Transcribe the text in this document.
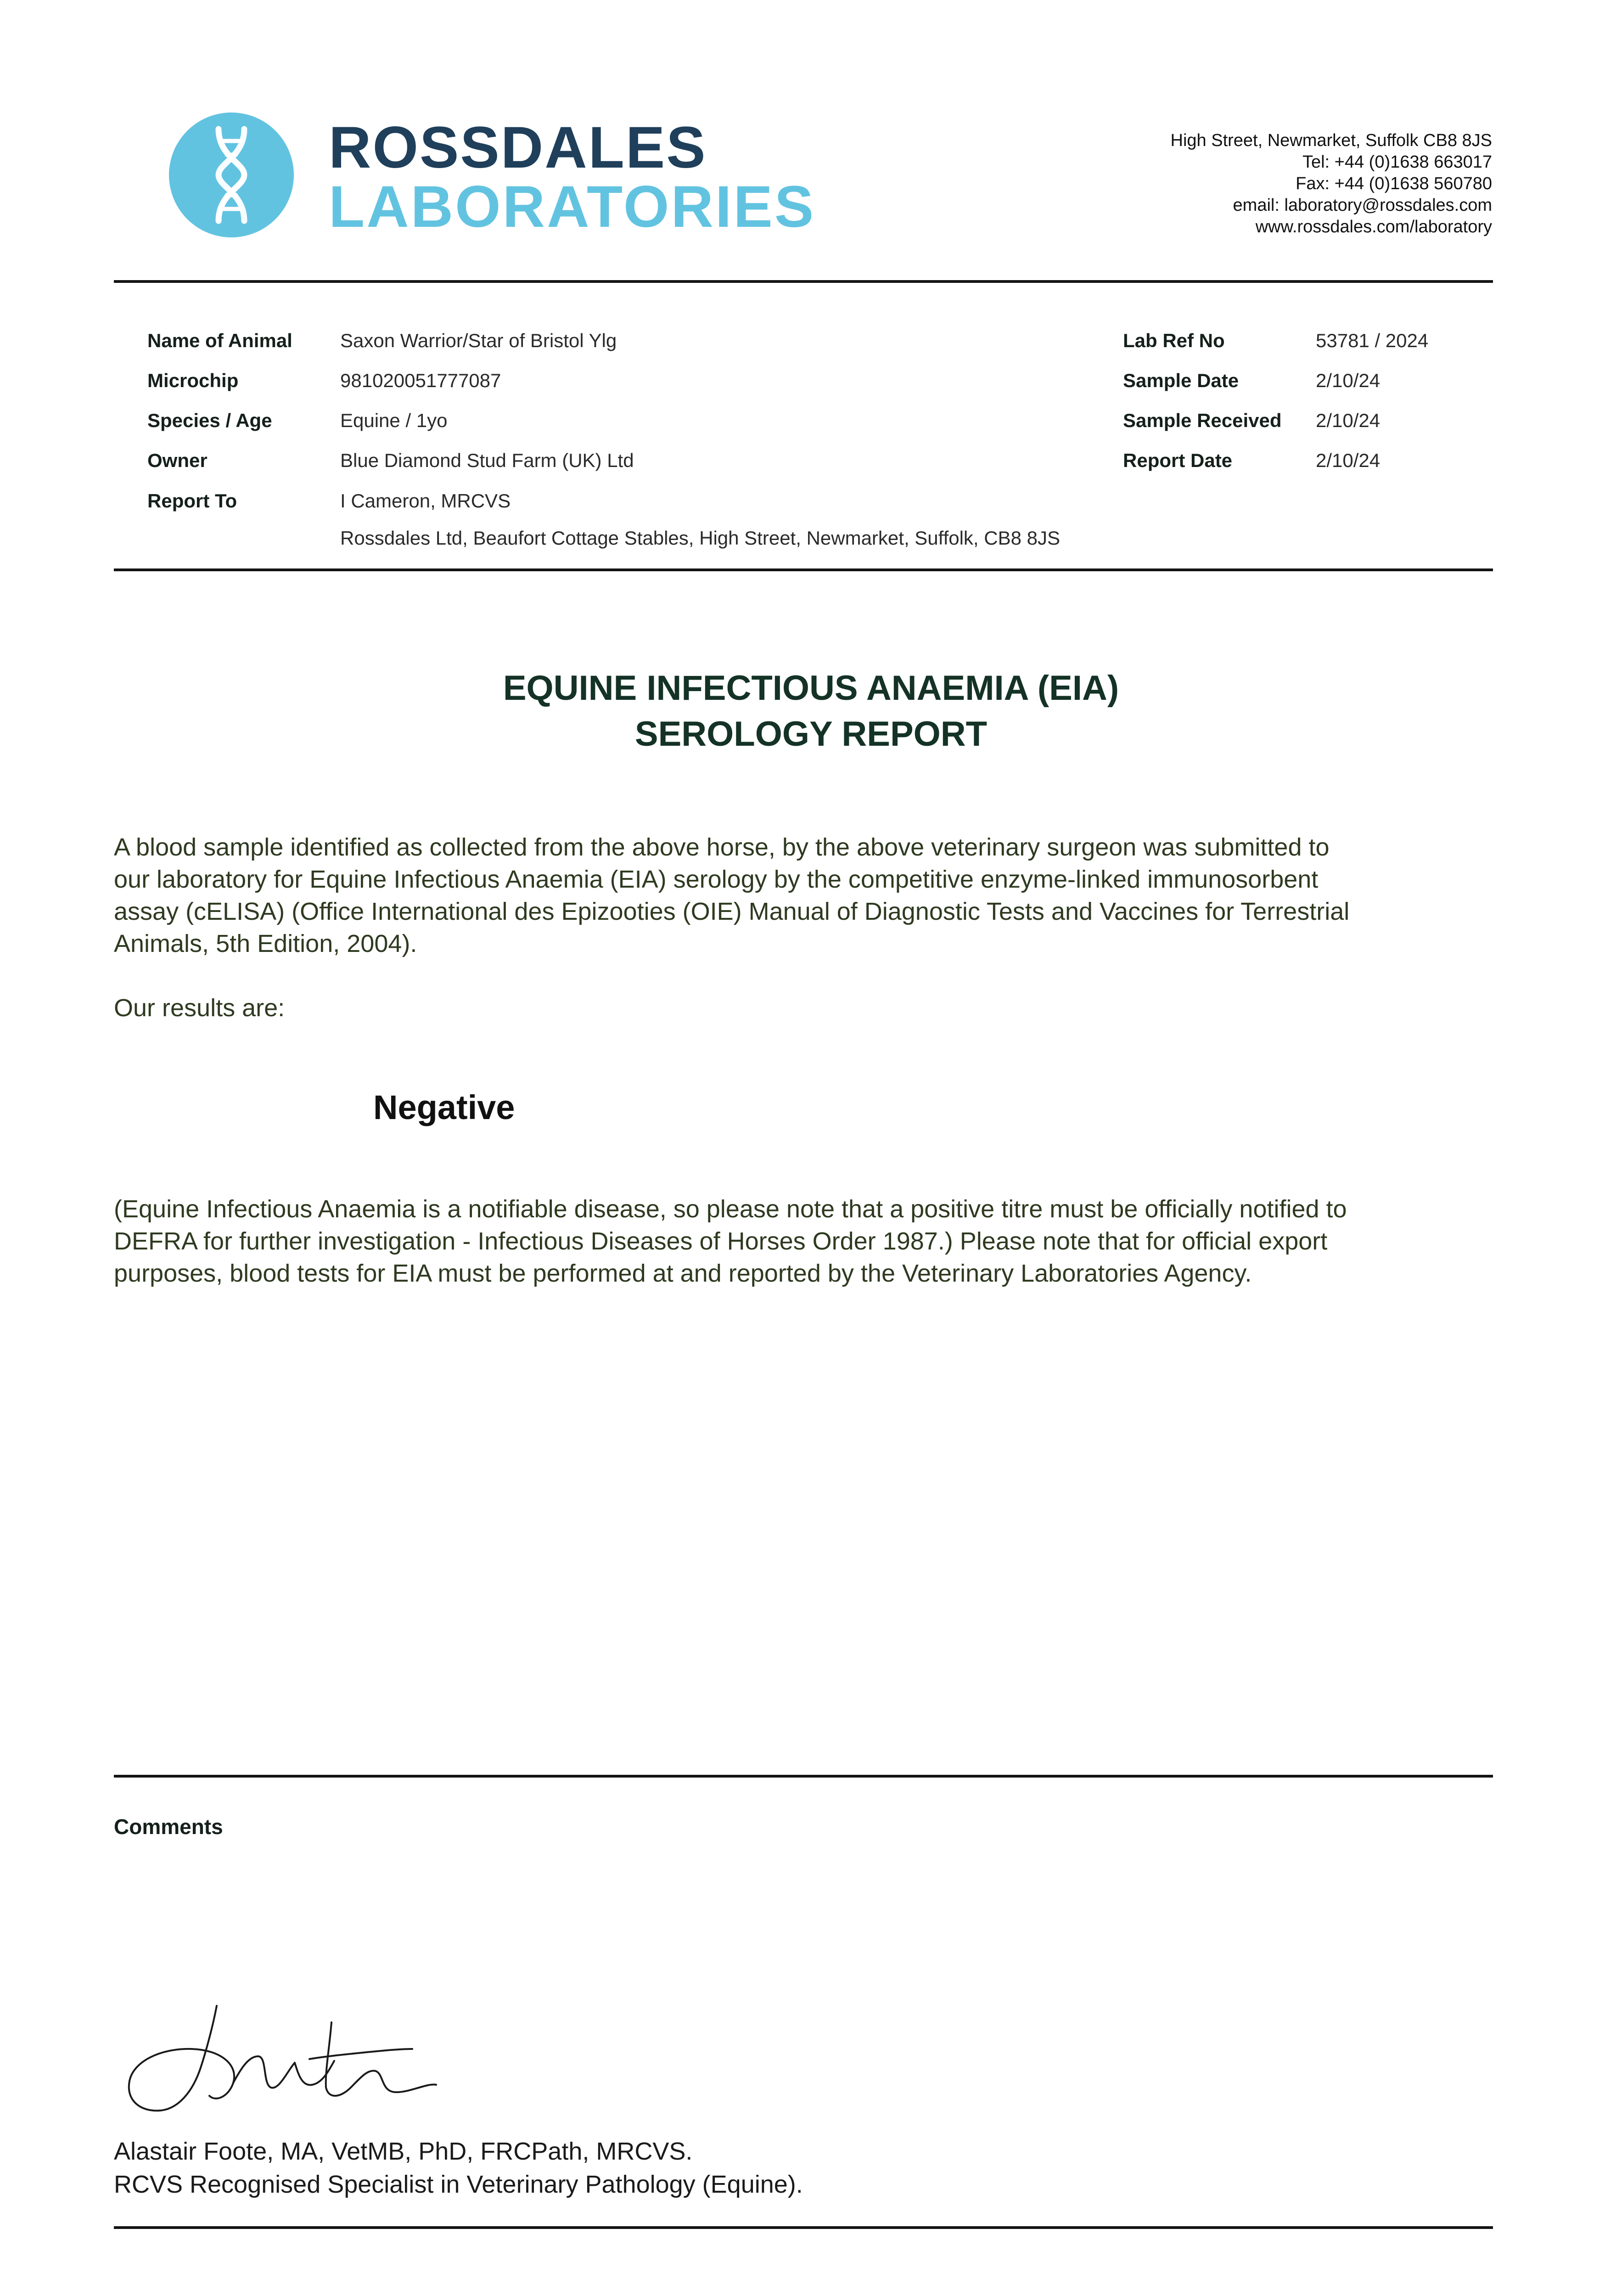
ROSSDALES
LABORATORIES
High Street, Newmarket, Suffolk CB8 8JS
Tel: +44 (0)1638 663017
Fax: +44 (0)1638 560780
email: laboratory@rossdales.com
www.rossdales.com/laboratory
Name of Animal Saxon Warrior/Star of Bristol Ylg
Microchip	981020051777087
Species / Age	Equine / 1yo
Owner	Blue Diamond Stud Farm (UK) Ltd
Report To	I Cameron, MRCVS
Rossdales Ltd, Beaufort Cottage Stables, High Street, Newmarket, Suffolk, CB8 8JS
Lab Ref No	53781 / 2024
Sample Date	2/10/24
Sample Received 2/10/24
Report Date	2/10/24
EQUINE INFECTIOUS ANAEMIA (EIA)
SEROLOGY REPORT
A blood sample identified as collected from the above horse, by the above veterinary surgeon was submitted to
our laboratory for Equine Infectious Anaemia (EIA) serology by the competitive enzyme-linked immunosorbent
assay (cELISA) (Office International des Epizooties (OIE) Manual of Diagnostic Tests and Vaccines for Terrestrial
Animals, 5th Edition, 2004).
Our results are:
Negative
(Equine Infectious Anaemia is a notifiable disease, so please note that a positive titre must be officially notified to
DEFRA for further investigation - Infectious Diseases of Horses Order 1987.) Please note that for official export
purposes, blood tests for EIA must be performed at and reported by the Veterinary Laboratories Agency.
Comments
Alastair Foote, MA, VetMB, PhD, FRCPath, MRCVS.
RCVS Recognised Specialist in Veterinary Pathology (Equine).
